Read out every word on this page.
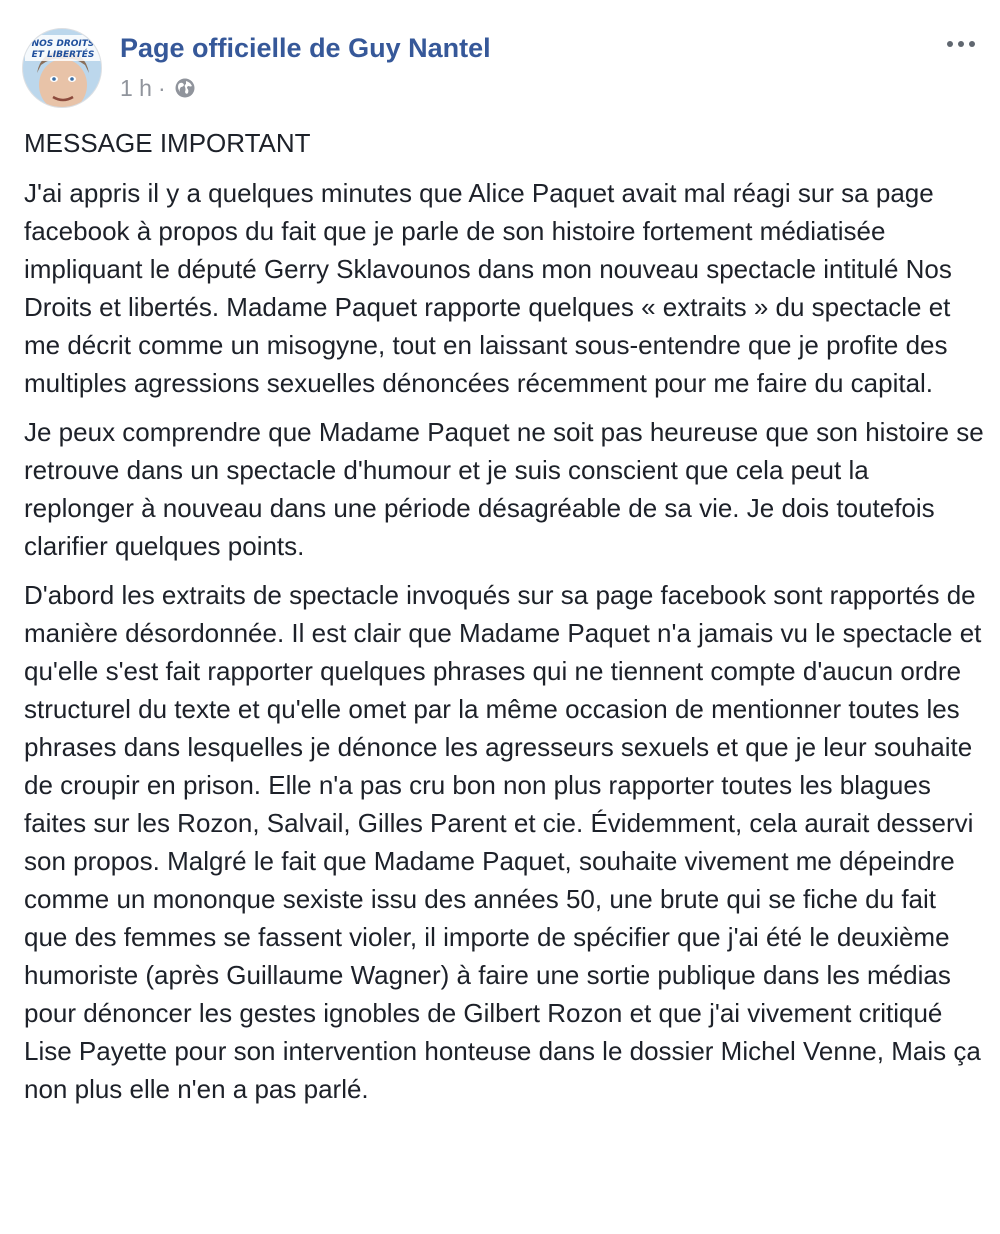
NOS DROITS
ET LIBERTÉS Page officielle de Guy Nantel
1 h ·

MESSAGE IMPORTANT

J'ai appris il y a quelques minutes que Alice Paquet avait mal réagi sur sa page facebook à propos du fait que je parle de son histoire fortement médiatisée impliquant le député Gerry Sklavounos dans mon nouveau spectacle intitulé Nos Droits et libertés. Madame Paquet rapporte quelques « extraits » du spectacle et me décrit comme un misogyne, tout en laissant sous-entendre que je profite des multiples agressions sexuelles dénoncées récemment pour me faire du capital.

Je peux comprendre que Madame Paquet ne soit pas heureuse que son histoire se retrouve dans un spectacle d'humour et je suis conscient que cela peut la replonger à nouveau dans une période désagréable de sa vie. Je dois toutefois clarifier quelques points.

D'abord les extraits de spectacle invoqués sur sa page facebook sont rapportés de manière désordonnée. Il est clair que Madame Paquet n'a jamais vu le spectacle et qu'elle s'est fait rapporter quelques phrases qui ne tiennent compte d'aucun ordre structurel du texte et qu'elle omet par la même occasion de mentionner toutes les phrases dans lesquelles je dénonce les agresseurs sexuels et que je leur souhaite de croupir en prison. Elle n'a pas cru bon non plus rapporter toutes les blagues faites sur les Rozon, Salvail, Gilles Parent et cie. Évidemment, cela aurait desservi son propos. Malgré le fait que Madame Paquet, souhaite vivement me dépeindre comme un mononque sexiste issu des années 50, une brute qui se fiche du fait que des femmes se fassent violer, il importe de spécifier que j'ai été le deuxième humoriste (après Guillaume Wagner) à faire une sortie publique dans les médias pour dénoncer les gestes ignobles de Gilbert Rozon et que j'ai vivement critiqué Lise Payette pour son intervention honteuse dans le dossier Michel Venne, Mais ça non plus elle n'en a pas parlé.
